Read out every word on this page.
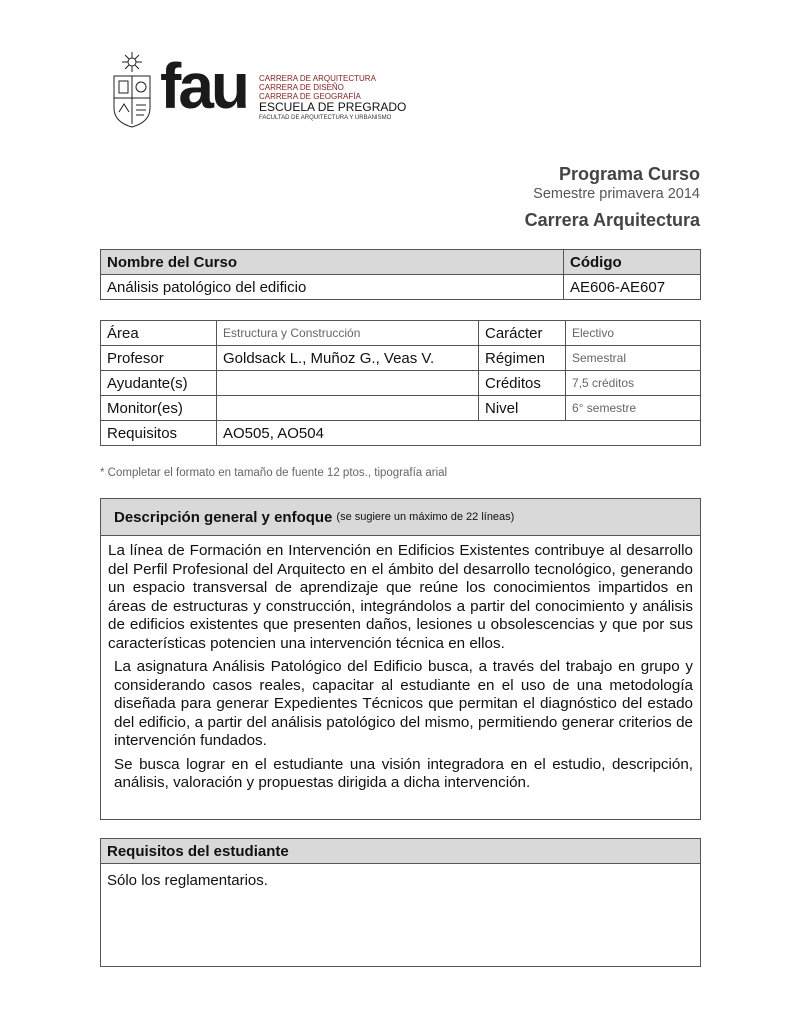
fau CARRERA DE ARQUITECTURA
CARRERA DE DISEÑO
CARRERA DE GEOGRAFÍA
ESCUELA DE PREGRADO
FACULTAD DE ARQUITECTURA Y URBANISMO
Programa Curso
Semestre primavera 2014
Carrera Arquitectura
Nombre del Curso	Código
Análisis patológico del edificio	AE606-AE607
Área	Estructura y Construcción	Carácter	Electivo
Profesor	Goldsack L., Muñoz G., Veas V.	Régimen	Semestral
Ayudante(s)		Créditos	7,5 créditos
Monitor(es)		Nivel	6° semestre
Requisitos	AO505, AO504		
* Completar el formato en tamaño de fuente 12 ptos., tipografía arial
Descripción general y enfoque (se sugiere un máximo de 22 líneas)

La línea de Formación en Intervención en Edificios Existentes contribuye al desarrollo del Perfil Profesional del Arquitecto en el ámbito del desarrollo tecnológico, generando un espacio transversal de aprendizaje que reúne los conocimientos impartidos en áreas de estructuras y construcción, integrándolos a partir del conocimiento y análisis de edificios existentes que presenten daños, lesiones u obsolescencias y que por sus características potencien una intervención técnica en ellos.

La asignatura Análisis Patológico del Edificio busca, a través del trabajo en grupo y considerando casos reales, capacitar al estudiante en el uso de una metodología diseñada para generar Expedientes Técnicos que permitan el diagnóstico del estado del edificio, a partir del análisis patológico del mismo, permitiendo generar criterios de intervención fundados.

Se busca lograr en el estudiante una visión integradora en el estudio, descripción, análisis, valoración y propuestas dirigida a dicha intervención.

Requisitos del estudiante
Sólo los reglamentarios.
